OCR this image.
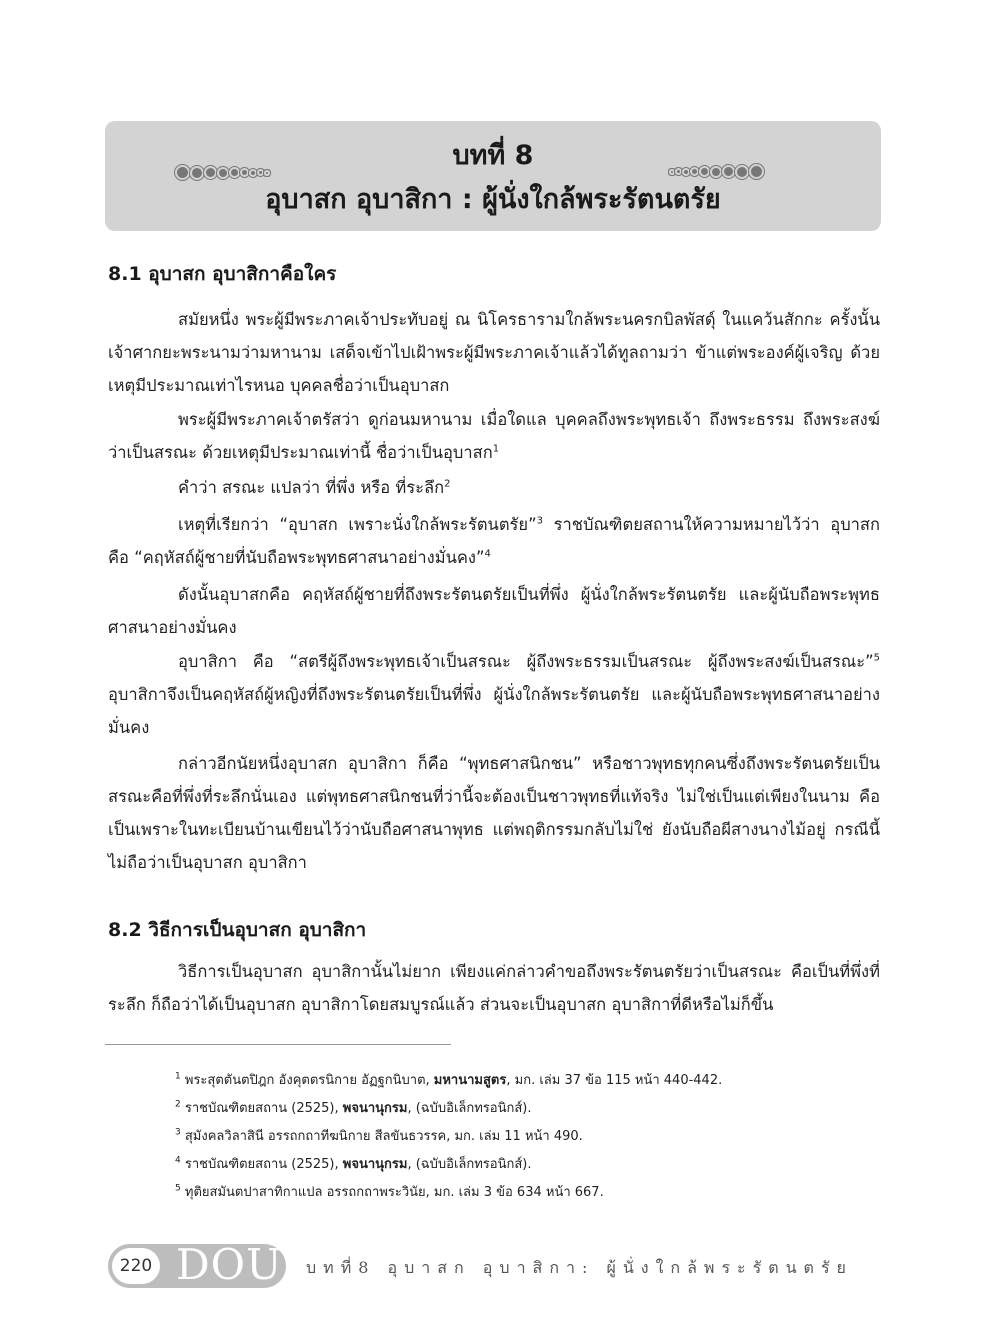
บทที่ 8
อุบาสก อุบาสิกา : ผู้นั่งใกล้พระรัตนตรัย
8.1 อุบาสก อุบาสิกาคือใคร
สมัยหนึ่ง พระผู้มีพระภาคเจ้าประทับอยู่ ณ นิโครธารามใกล้พระนครกบิลพัสดุ์ ในแคว้นสักกะ ครั้งนั้นเจ้าศากยะพระนามว่ามหานาม เสด็จเข้าไปเฝ้าพระผู้มีพระภาคเจ้าแล้วได้ทูลถามว่า ข้าแต่พระองค์ผู้เจริญ ด้วยเหตุมีประมาณเท่าไรหนอ บุคคลชื่อว่าเป็นอุบาสก
พระผู้มีพระภาคเจ้าตรัสว่า ดูก่อนมหานาม เมื่อใดแล บุคคลถึงพระพุทธเจ้า ถึงพระธรรม ถึงพระสงฆ์ว่าเป็นสรณะ ด้วยเหตุมีประมาณเท่านี้ ชื่อว่าเป็นอุบาสก$^1$
คำว่า สรณะ แปลว่า ที่พึ่ง หรือ ที่ระลึก$^2$
เหตุที่เรียกว่า “อุบาสก เพราะนั่งใกล้พระรัตนตรัย”$^3$ ราชบัณฑิตยสถานให้ความหมายไว้ว่า อุบาสก คือ “คฤหัสถ์ผู้ชายที่นับถือพระพุทธศาสนาอย่างมั่นคง”$^4$
ดังนั้นอุบาสกคือ คฤหัสถ์ผู้ชายที่ถึงพระรัตนตรัยเป็นที่พึ่ง ผู้นั่งใกล้พระรัตนตรัย และผู้นับถือพระพุทธศาสนาอย่างมั่นคง
อุบาสิกา คือ “สตรีผู้ถึงพระพุทธเจ้าเป็นสรณะ ผู้ถึงพระธรรมเป็นสรณะ ผู้ถึงพระสงฆ์เป็นสรณะ”$^5$ อุบาสิกาจึงเป็นคฤหัสถ์ผู้หญิงที่ถึงพระรัตนตรัยเป็นที่พึ่ง ผู้นั่งใกล้พระรัตนตรัย และผู้นับถือพระพุทธศาสนาอย่างมั่นคง
กล่าวอีกนัยหนึ่งอุบาสก อุบาสิกา ก็คือ “พุทธศาสนิกชน” หรือชาวพุทธทุกคนซึ่งถึงพระรัตนตรัยเป็นสรณะคือที่พึ่งที่ระลึกนั่นเอง แต่พุทธศาสนิกชนที่ว่านี้จะต้องเป็นชาวพุทธที่แท้จริง ไม่ใช่เป็นแต่เพียงในนาม คือเป็นเพราะในทะเบียนบ้านเขียนไว้ว่านับถือศาสนาพุทธ แต่พฤติกรรมกลับไม่ใช่ ยังนับถือผีสางนางไม้อยู่ กรณีนี้ไม่ถือว่าเป็นอุบาสก อุบาสิกา
8.2 วิธีการเป็นอุบาสก อุบาสิกา
วิธีการเป็นอุบาสก อุบาสิกานั้นไม่ยาก เพียงแค่กล่าวคำขอถึงพระรัตนตรัยว่าเป็นสรณะ คือเป็นที่พึ่งที่ระลึก ก็ถือว่าได้เป็นอุบาสก อุบาสิกาโดยสมบูรณ์แล้ว ส่วนจะเป็นอุบาสก อุบาสิกาที่ดีหรือไม่ก็ขึ้น
$^1$ พระสุตตันตปิฎก อังคุตตรนิกาย อัฏฐกนิบาต, มหานามสูตร, มก. เล่ม 37 ข้อ 115 หน้า 440-442.
$^2$ ราชบัณฑิตยสถาน (2525), พจนานุกรม, (ฉบับอิเล็กทรอนิกส์).
$^3$ สุมังคลวิลาสินี อรรถกถาทีฆนิกาย สีลขันธวรรค, มก. เล่ม 11 หน้า 490.
$^4$ ราชบัณฑิตยสถาน (2525), พจนานุกรม, (ฉบับอิเล็กทรอนิกส์).
$^5$ ทุติยสมันตปาสาทิกาแปล อรรถกถาพระวินัย, มก. เล่ม 3 ข้อ 634 หน้า 667.
220 DOU บทที่8 อุบาสก อุบาสิกา: ผู้นั่งใกล้พระรัตนตรัย
